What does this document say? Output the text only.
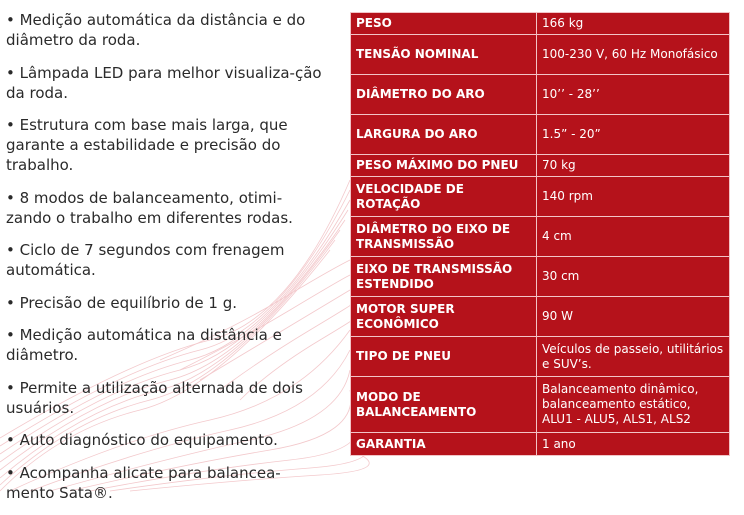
• Medição automática da distância e do diâmetro da roda.
• Lâmpada LED para melhor visualiza-ção da roda.
• Estrutura com base mais larga, que garante a estabilidade e precisão do trabalho.
• 8 modos de balanceamento, otimi-zando o trabalho em diferentes rodas.
• Ciclo de 7 segundos com frenagem automática.
• Precisão de equilíbrio de 1 g.
• Medição automática na distância e diâmetro.
• Permite a utilização alternada de dois usuários.
• Auto diagnóstico do equipamento.
• Acompanha alicate para balancea-mento Sata®.
PESO	166 kg
TENSÃO NOMINAL	100-230 V, 60 Hz Monofásico
DIÂMETRO DO ARO	10’’ - 28’’
LARGURA DO ARO	1.5” - 20”
PESO MÁXIMO DO PNEU	70 kg
VELOCIDADE DE ROTAÇÃO	140 rpm
DIÂMETRO DO EIXO DE TRANSMISSÃO	4 cm
EIXO DE TRANSMISSÃO ESTENDIDO	30 cm
MOTOR SUPER ECONÔMICO	90 W
TIPO DE PNEU	Veículos de passeio, utilitários e SUV’s.
MODO DE BALANCEAMENTO	Balanceamento dinâmico, balanceamento estático, ALU1 - ALU5, ALS1, ALS2
GARANTIA	1 ano
